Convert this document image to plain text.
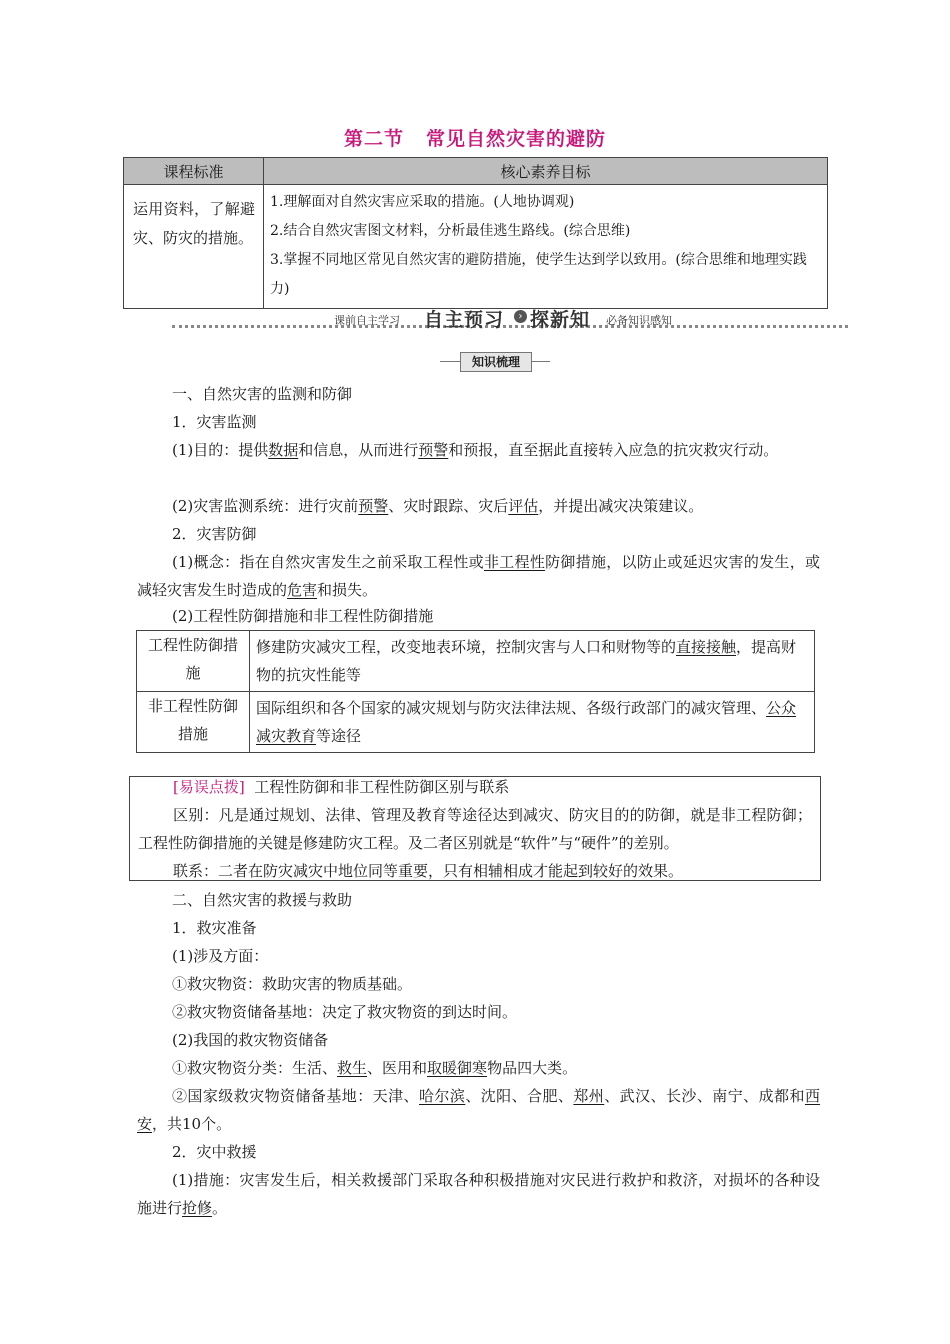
第二节 常见自然灾害的避防
课程标准	核心素养目标
运用资料，了解避灾、防灾的措施。	1.理解面对自然灾害应采取的措施。(人地协调观)
2.结合自然灾害图文材料，分析最佳逃生路线。(综合思维)
3.掌握不同地区常见自然灾害的避防措施，使学生达到学以致用。(综合思维和地理实践力)
课前自主学习 自主预习	› 探新知 必备知识感知
知识梳理
一、自然灾害的监测和防御
1．灾害监测
(1)目的：提供数据和信息，从而进行预警和预报，直至据此直接转入应急的抗灾救灾行动。
(2)灾害监测系统：进行灾前预警、灾时跟踪、灾后评估，并提出减灾决策建议。
2．灾害防御
(1)概念：指在自然灾害发生之前采取工程性或非工程性防御措施，以防止或延迟灾害的发生，或减轻灾害发生时造成的危害和损失。
(2)工程性防御措施和非工程性防御措施
工程性防御措施	修建防灾减灾工程，改变地表环境，控制灾害与人口和财物等的直接接触，提高财物的抗灾性能等
非工程性防御措施	国际组织和各个国家的减灾规划与防灾法律法规、各级行政部门的减灾管理、公众减灾教育等途径
[易误点拨] 工程性防御和非工程性防御区别与联系
区别：凡是通过规划、法律、管理及教育等途径达到减灾、防灾目的的防御，就是非工程防御；工程性防御措施的关键是修建防灾工程。及二者区别就是“软件”与“硬件”的差别。
联系：二者在防灾减灾中地位同等重要，只有相辅相成才能起到较好的效果。
二、自然灾害的救援与救助
1．救灾准备
(1)涉及方面：
①救灾物资：救助灾害的物质基础。
②救灾物资储备基地：决定了救灾物资的到达时间。
(2)我国的救灾物资储备
①救灾物资分类：生活、救生、医用和取暖御寒物品四大类。
②国家级救灾物资储备基地：天津、哈尔滨、沈阳、合肥、郑州、武汉、长沙、南宁、成都和西安，共10个。
2．灾中救援
(1)措施：灾害发生后，相关救援部门采取各种积极措施对灾民进行救护和救济，对损坏的各种设施进行抢修。
